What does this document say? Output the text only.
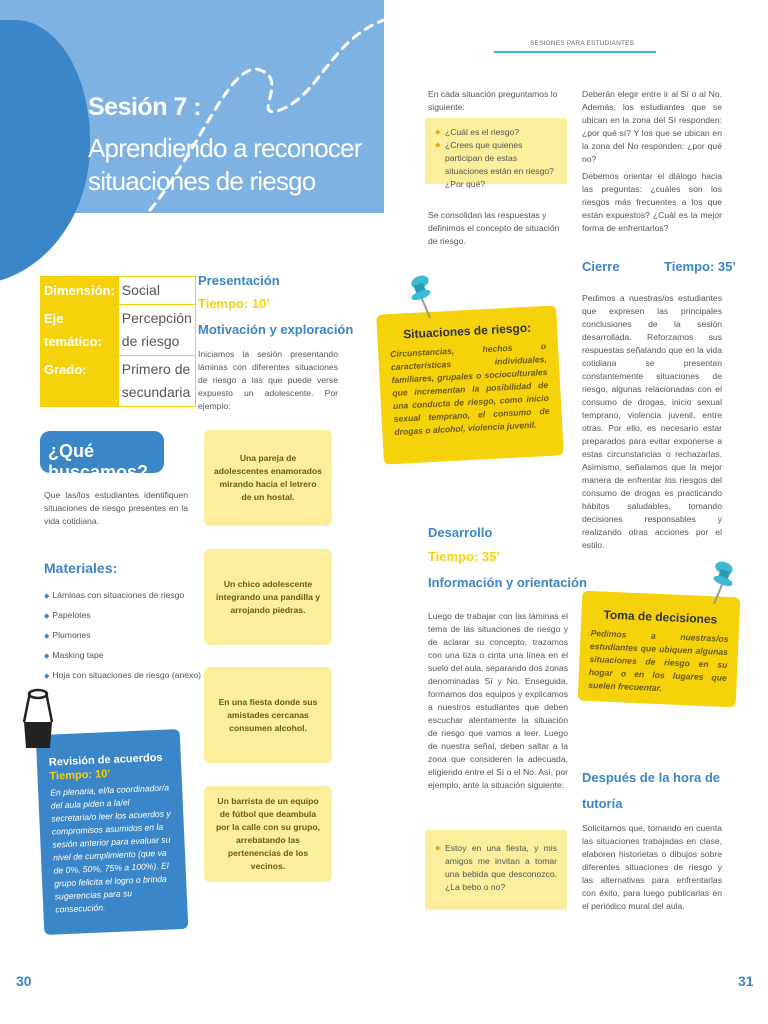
Sesión 7 :
Aprendiendo a reconocer situaciones de riesgo
SESIONES PARA ESTUDIANTES
Dimensión:	Social
Eje temático:	Percepción de riesgo
Grado:	Primero de secundaria
¿Qué buscamos?
Que las/los estudiantes identifiquen situaciones de riesgo presentes en la vida cotidiana.
Materiales:
◆ Láminas con situaciones de riesgo
◆ Papelotes
◆ Plumones
◆ Masking tape
◆ Hoja con situaciones de riesgo (anexo)
Revisión de acuerdos
Tiempo: 10’
En plenaria, el/la coordinador/a del aula piden a la/el secretaria/o leer los acuerdos y compromisos asumidos en la sesión anterior para evaluar su nivel de cumplimiento (que va de 0%, 50%, 75% a 100%). El grupo felicita el logro o brinda sugerencias para su consecución.
Presentación
Tiempo: 10’
Motivación y exploración
Iniciamos la sesión presentando láminas con diferentes situaciones de riesgo a las que puede verse expuesto un adolescente. Por ejemplo:
Una pareja de adolescentes enamorados mirando hacia el letrero de un hostal.
Un chico adolescente integrando una pandilla y arrojando piedras.
En una fiesta donde sus amistades cercanas consumen alcohol.
Un barrista de un equipo de fútbol que deambula por la calle con su grupo, arrebatando las pertenencias de los vecinos.
En cada situación preguntamos lo siguiente:
◆ ¿Cuál es el riesgo?
◆ ¿Crees que quienes participan de estas situaciones están en riesgo? ¿Por qué?
Se consolidan las respuestas y definimos el concepto de situación de riesgo.
Situaciones de riesgo:
Circunstancias, hechos o características individuales, familiares, grupales o socioculturales que incrementan la posibilidad de una conducta de riesgo, como inicio sexual temprano, el consumo de drogas o alcohol, violencia juvenil.
Desarrollo
Tiempo: 35’
Información y orientación
Luego de trabajar con las láminas el tema de las situaciones de riesgo y de aclarar su concepto, trazamos con una tiza o cinta una línea en el suelo del aula, separando dos zonas denominadas Sí y No. Enseguida, formamos dos equipos y explicamos a nuestros estudiantes que deben escuchar atentamente la situación de riesgo que vamos a leer. Luego de nuestra señal, deben saltar a la zona que consideren la adecuada, eligiendo entre el Sí o el No. Así, por ejemplo, ante la situación siguiente:
◆ Estoy en una fiesta, y mis amigos me invitan a tomar una bebida que desconozco. ¿La bebo o no?
Deberán elegir entre ir al Sí o al No. Además, los estudiantes que se ubican en la zona del Sí responden: ¿por qué sí? Y los que se ubican en la zona del No responden: ¿por qué no?
Debemos orientar el diálogo hacia las preguntas: ¿cuáles son los riesgos más frecuentes a los que están expuestos? ¿Cuál es la mejor forma de enfrentarlos?
Cierre	Tiempo: 35’
Pedimos a nuestras/os estudiantes que expresen las principales conclusiones de la sesión desarrollada. Reforzamos sus respuestas señalando que en la vida cotidiana se presentan constantemente situaciones de riesgo, algunas relacionadas con el consumo de drogas, inicio sexual temprano, violencia juvenil, entre otras. Por ello, es necesario estar preparados para evitar exponerse a estas circunstancias o rechazarlas. Asimismo, señalamos que la mejor manera de enfrentar los riesgos del consumo de drogas es practicando hábitos saludables, tomando decisiones responsables y realizando otras acciones por el estilo.
Toma de decisiones
Pedimos a nuestras/os estudiantes que ubiquen algunas situaciones de riesgo en su hogar o en los lugares que suelen frecuentar.
Después de la hora de tutoría
Solicitamos que, tomando en cuenta las situaciones trabajadas en clase, elaboren historietas o dibujos sobre diferentes situaciones de riesgo y las alternativas para enfrentarlas con éxito, para luego publicarlas en el periódico mural del aula.
30	31
